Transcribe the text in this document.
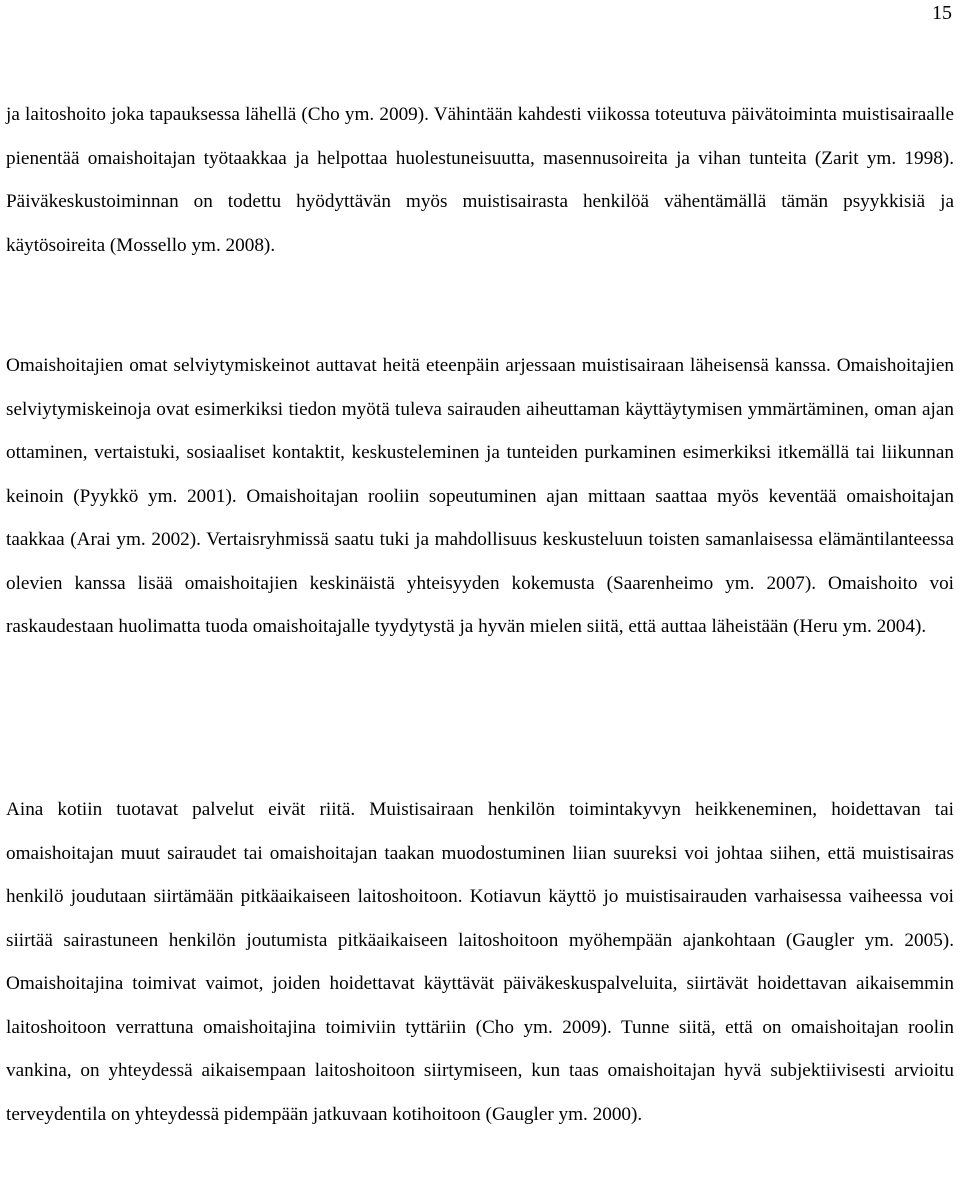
15

ja laitoshoito joka tapauksessa lähellä (Cho ym. 2009). Vähintään kahdesti viikossa toteutuva päivätoiminta muistisairaalle pienentää omaishoitajan työtaakkaa ja helpottaa huolestuneisuutta, masennusoireita ja vihan tunteita (Zarit ym. 1998). Päiväkeskustoiminnan on todettu hyödyttävän myös muistisairasta henkilöä vähentämällä tämän psyykkisiä ja käytösoireita (Mossello ym. 2008).

Omaishoitajien omat selviytymiskeinot auttavat heitä eteenpäin arjessaan muistisairaan läheisensä kanssa. Omaishoitajien selviytymiskeinoja ovat esimerkiksi tiedon myötä tuleva sairauden aiheuttaman käyttäytymisen ymmärtäminen, oman ajan ottaminen, vertaistuki, sosiaaliset kontaktit, keskusteleminen ja tunteiden purkaminen esimerkiksi itkemällä tai liikunnan keinoin (Pyykkö ym. 2001). Omaishoitajan rooliin sopeutuminen ajan mittaan saattaa myös keventää omaishoitajan taakkaa (Arai ym. 2002). Vertaisryhmissä saatu tuki ja mahdollisuus keskusteluun toisten samanlaisessa elämäntilanteessa olevien kanssa lisää omaishoitajien keskinäistä yhteisyyden kokemusta (Saarenheimo ym. 2007). Omaishoito voi raskaudestaan huolimatta tuoda omaishoitajalle tyydytystä ja hyvän mielen siitä, että auttaa läheistään (Heru ym. 2004).

Aina kotiin tuotavat palvelut eivät riitä. Muistisairaan henkilön toimintakyvyn heikkeneminen, hoidettavan tai omaishoitajan muut sairaudet tai omaishoitajan taakan muodostuminen liian suureksi voi johtaa siihen, että muistisairas henkilö joudutaan siirtämään pitkäaikaiseen laitoshoitoon. Kotiavun käyttö jo muistisairauden varhaisessa vaiheessa voi siirtää sairastuneen henkilön joutumista pitkäaikaiseen laitoshoitoon myöhempään ajankohtaan (Gaugler ym. 2005). Omaishoitajina toimivat vaimot, joiden hoidettavat käyttävät päiväkeskuspalveluita, siirtävät hoidettavan aikaisemmin laitoshoitoon verrattuna omaishoitajina toimiviin tyttäriin (Cho ym. 2009). Tunne siitä, että on omaishoitajan roolin vankina, on yhteydessä aikaisempaan laitoshoitoon siirtymiseen, kun taas omaishoitajan hyvä subjektiivisesti arvioitu terveydentila on yhteydessä pidempään jatkuvaan kotihoitoon (Gaugler ym. 2000).
